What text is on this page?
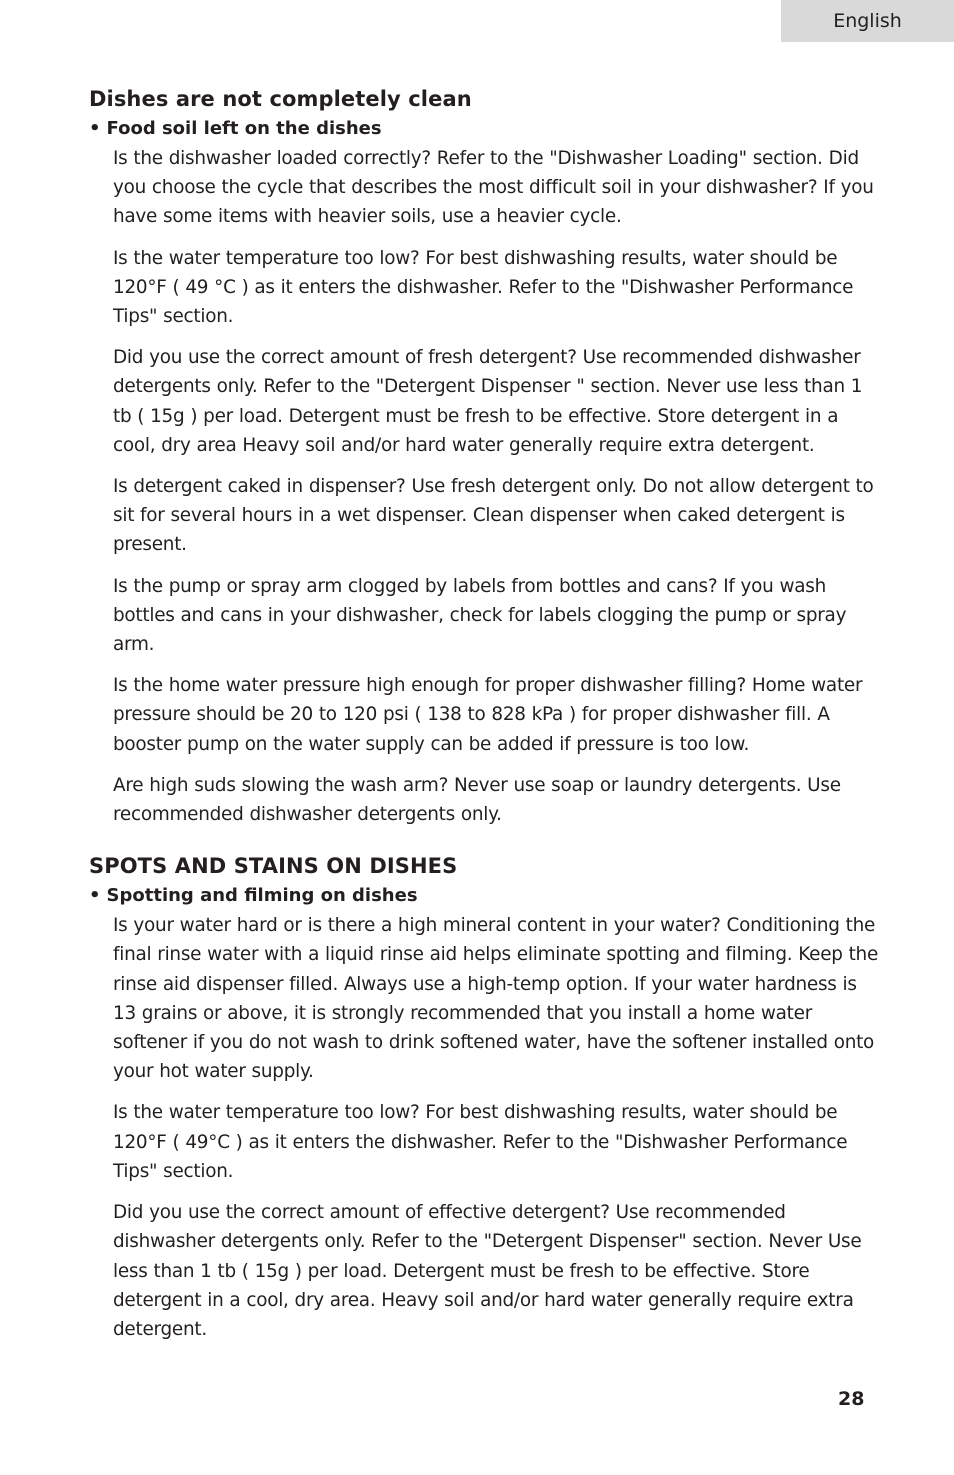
English
Dishes are not completely clean
• Food soil left on the dishes

Is the dishwasher loaded correctly? Refer to the "Dishwasher Loading" section. Did you choose the cycle that describes the most difficult soil in your dishwasher? If you have some items with heavier soils, use a heavier cycle.

Is the water temperature too low? For best dishwashing results, water should be 120°F ( 49 °C ) as it enters the dishwasher. Refer to the "Dishwasher Performance Tips" section.

Did you use the correct amount of fresh detergent? Use recommended dishwasher detergents only. Refer to the "Detergent Dispenser " section. Never use less than 1 tb ( 15g ) per load. Detergent must be fresh to be effective. Store detergent in a cool, dry area Heavy soil and/or hard water generally require extra detergent.

Is detergent caked in dispenser? Use fresh detergent only. Do not allow detergent to sit for several hours in a wet dispenser. Clean dispenser when caked detergent is present.

Is the pump or spray arm clogged by labels from bottles and cans? If you wash bottles and cans in your dishwasher, check for labels clogging the pump or spray arm.

Is the home water pressure high enough for proper dishwasher filling? Home water pressure should be 20 to 120 psi ( 138 to 828 kPa ) for proper dishwasher fill. A booster pump on the water supply can be added if pressure is too low.

Are high suds slowing the wash arm? Never use soap or laundry detergents. Use recommended dishwasher detergents only.

SPOTS AND STAINS ON DISHES
• Spotting and filming on dishes

Is your water hard or is there a high mineral content in your water? Conditioning the final rinse water with a liquid rinse aid helps eliminate spotting and filming. Keep the rinse aid dispenser filled. Always use a high-temp option. If your water hardness is 13 grains or above, it is strongly recommended that you install a home water softener if you do not wash to drink softened water, have the softener installed onto your hot water supply.

Is the water temperature too low? For best dishwashing results, water should be 120°F ( 49°C ) as it enters the dishwasher. Refer to the "Dishwasher Performance Tips" section.

Did you use the correct amount of effective detergent? Use recommended dishwasher detergents only. Refer to the "Detergent Dispenser" section. Never Use less than 1 tb ( 15g ) per load. Detergent must be fresh to be effective. Store detergent in a cool, dry area. Heavy soil and/or hard water generally require extra detergent.

28
